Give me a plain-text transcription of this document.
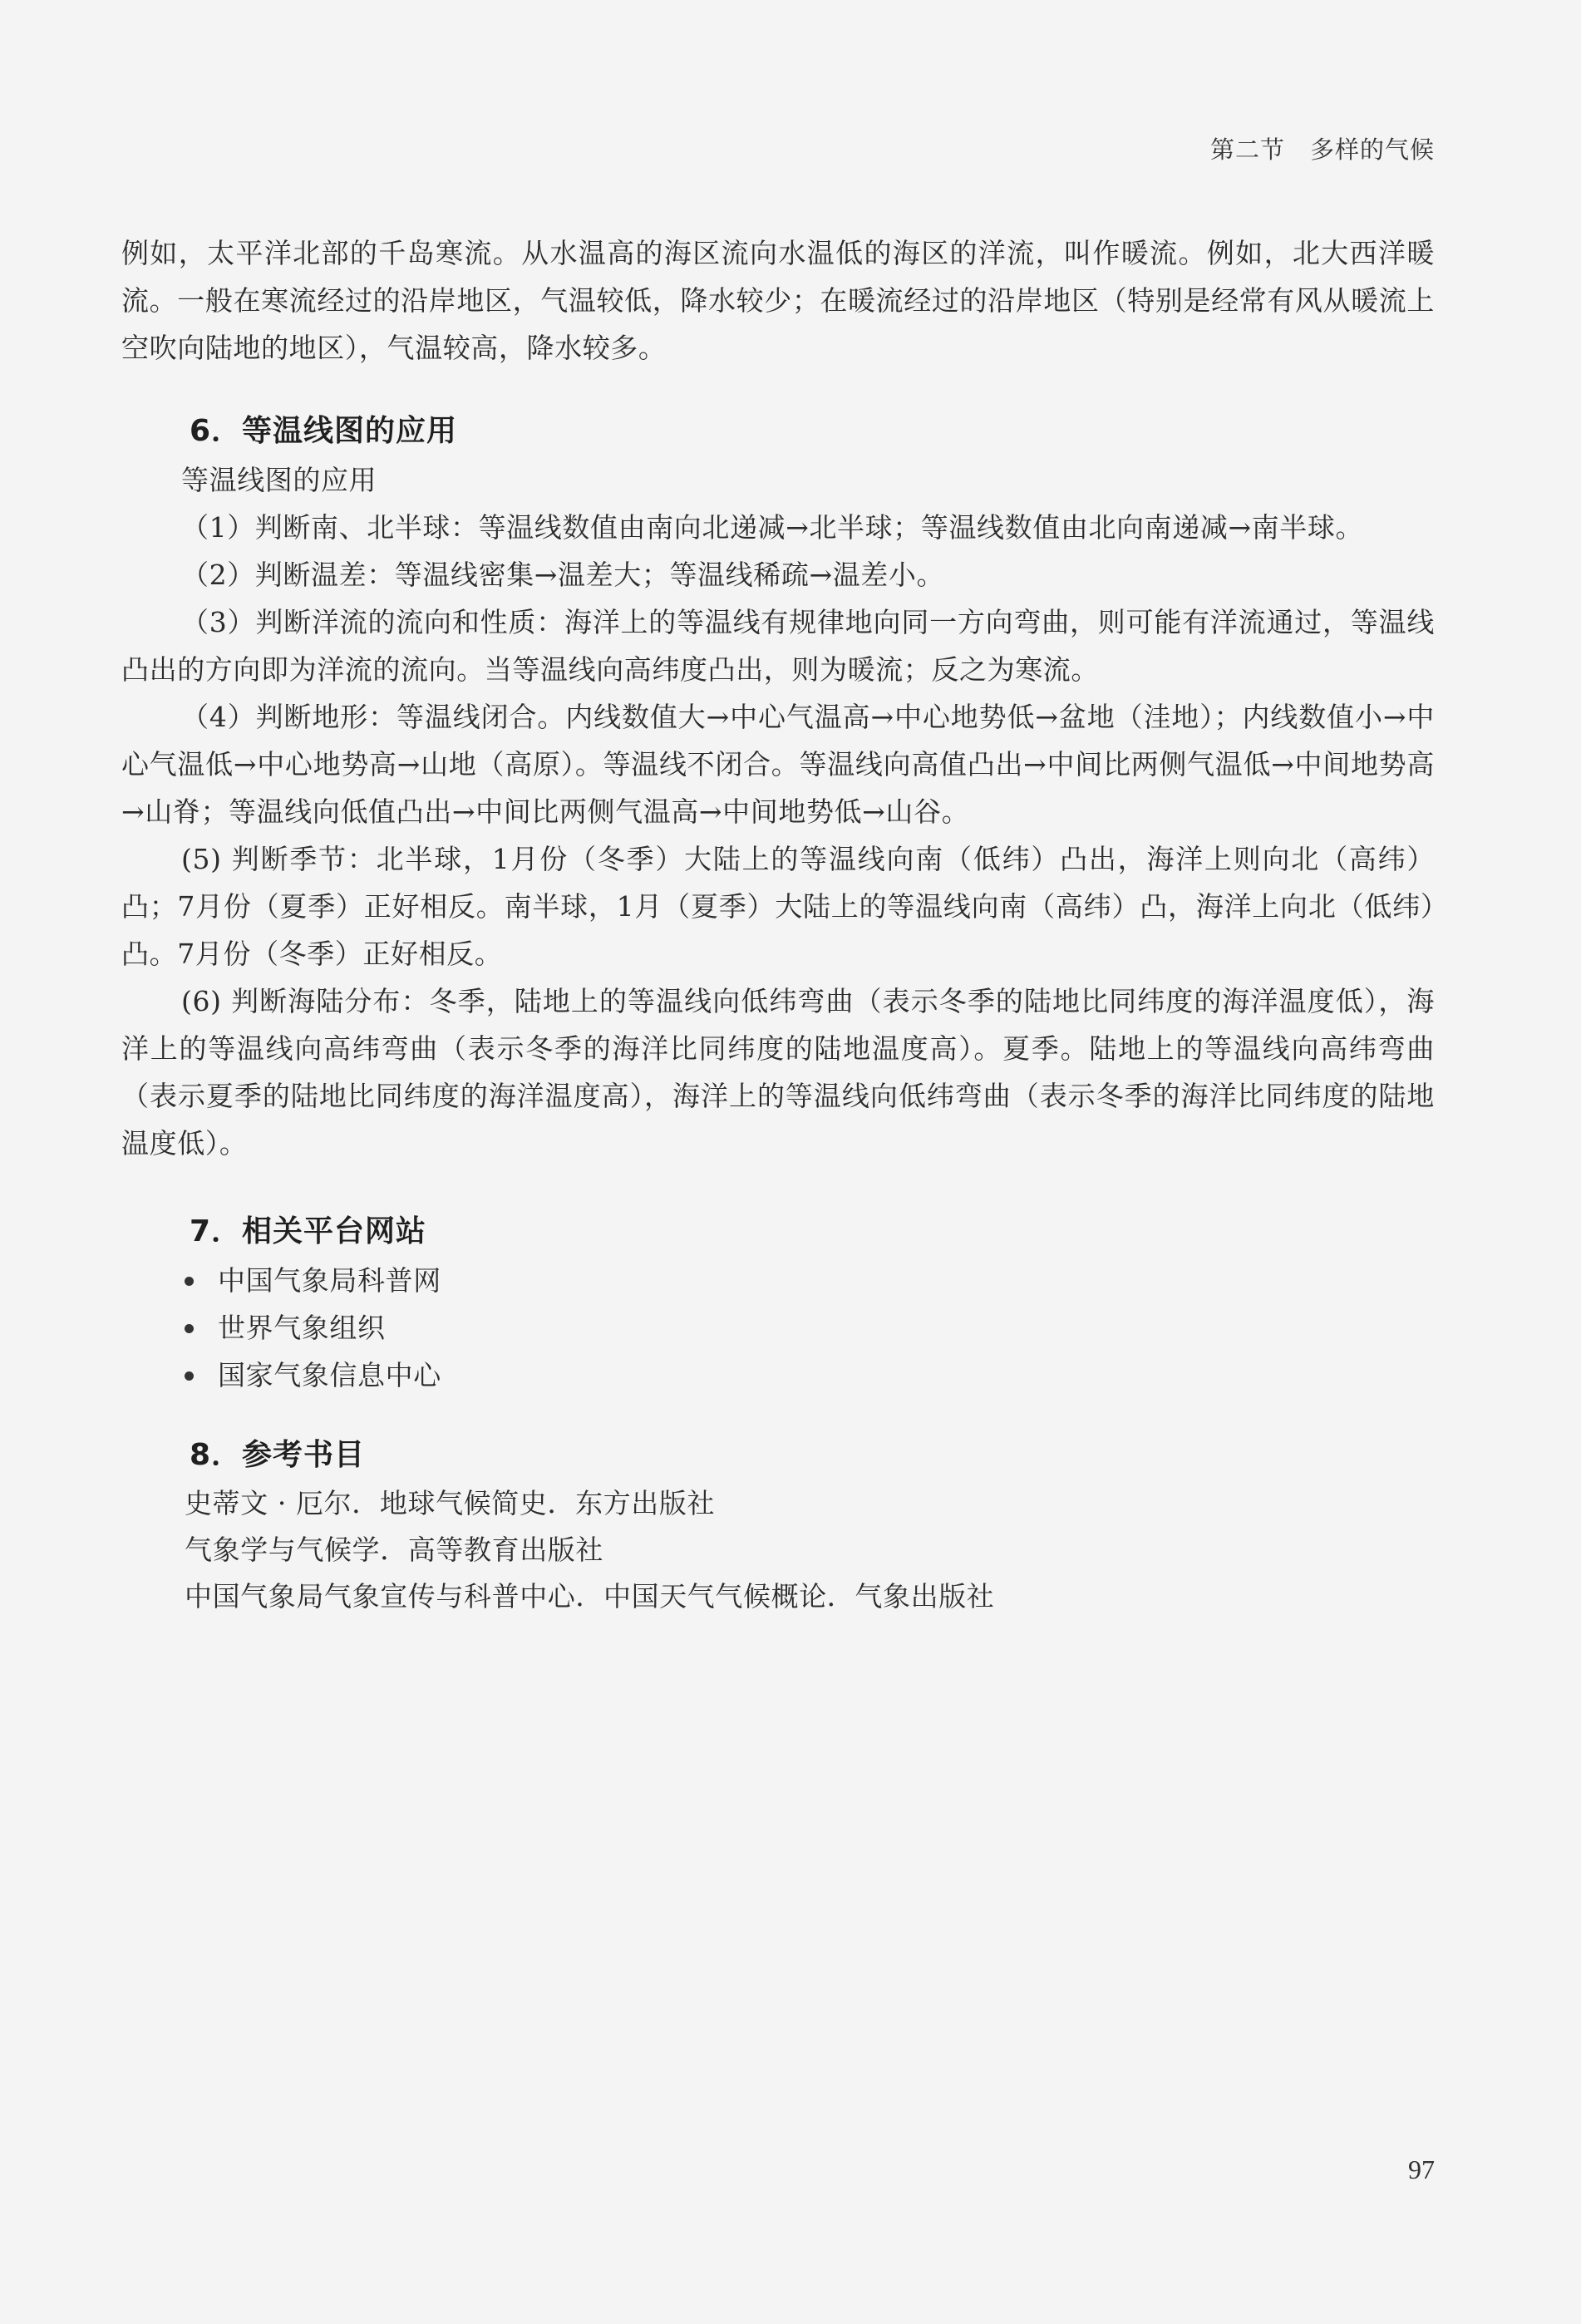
第二节 多样的气候

例如，太平洋北部的千岛寒流。从水温高的海区流向水温低的海区的洋流，叫作暖流。例如，北大西洋暖流。一般在寒流经过的沿岸地区，气温较低，降水较少；在暖流经过的沿岸地区（特别是经常有风从暖流上空吹向陆地的地区），气温较高，降水较多。

6．等温线图的应用

等温线图的应用

（1）判断南、北半球：等温线数值由南向北递减→北半球；等温线数值由北向南递减→南半球。

（2）判断温差：等温线密集→温差大；等温线稀疏→温差小。

（3）判断洋流的流向和性质：海洋上的等温线有规律地向同一方向弯曲，则可能有洋流通过，等温线凸出的方向即为洋流的流向。当等温线向高纬度凸出，则为暖流；反之为寒流。

（4）判断地形：等温线闭合。内线数值大→中心气温高→中心地势低→盆地（洼地）；内线数值小→中心气温低→中心地势高→山地（高原）。等温线不闭合。等温线向高值凸出→中间比两侧气温低→中间地势高→山脊；等温线向低值凸出→中间比两侧气温高→中间地势低→山谷。

(5) 判断季节：北半球，1月份（冬季）大陆上的等温线向南（低纬）凸出，海洋上则向北（高纬）凸；7月份（夏季）正好相反。南半球，1月（夏季）大陆上的等温线向南（高纬）凸，海洋上向北（低纬）凸。7月份（冬季）正好相反。

(6) 判断海陆分布：冬季，陆地上的等温线向低纬弯曲（表示冬季的陆地比同纬度的海洋温度低），海洋上的等温线向高纬弯曲（表示冬季的海洋比同纬度的陆地温度高）。夏季。陆地上的等温线向高纬弯曲（表示夏季的陆地比同纬度的海洋温度高），海洋上的等温线向低纬弯曲（表示冬季的海洋比同纬度的陆地温度低）。

7．相关平台网站
中国气象局科普网
世界气象组织
国家气象信息中心
8．参考书目

史蒂文 · 厄尔．地球气候简史．东方出版社

气象学与气候学．高等教育出版社

中国气象局气象宣传与科普中心．中国天气气候概论．气象出版社

97
